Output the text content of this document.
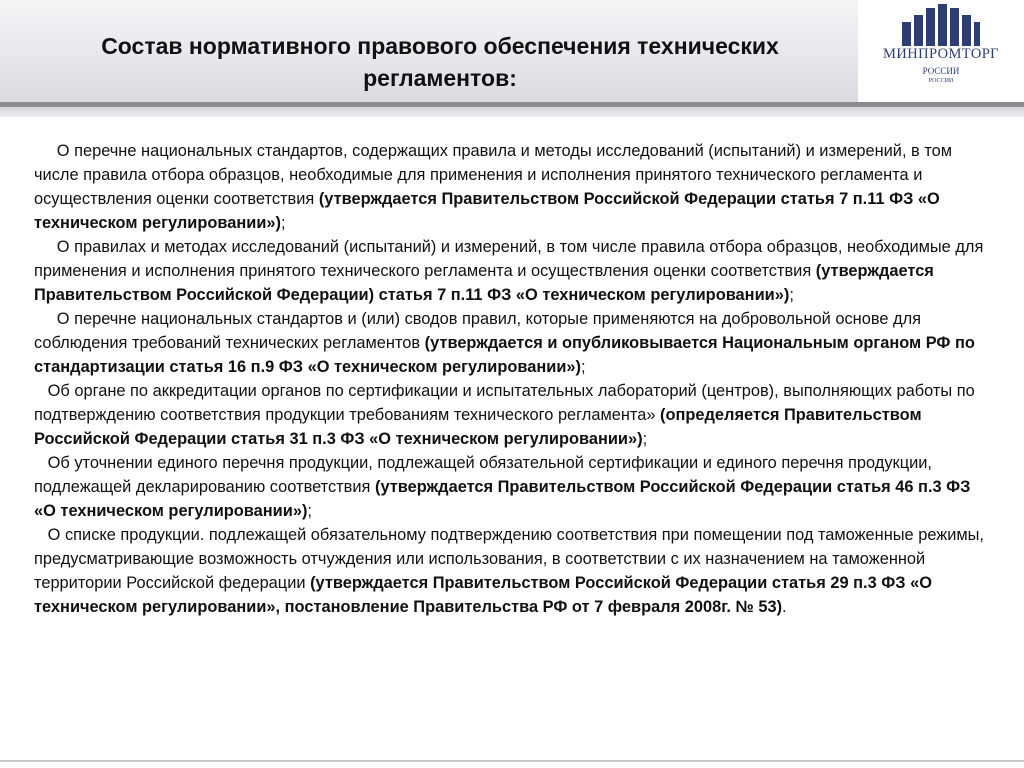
Состав нормативного правового обеспечения технических регламентов:
МИНПРОМТОРГ
РОССИИ
РОССИИ

О перечне национальных стандартов, содержащих правила и методы исследований (испытаний) и измерений, в том числе правила отбора образцов, необходимые для применения и исполнения принятого технического регламента и осуществления оценки соответствия (утверждается Правительством Российской Федерации статья 7 п.11 ФЗ «О техническом регулировании»);

О правилах и методах исследований (испытаний) и измерений, в том числе правила отбора образцов, необходимые для применения и исполнения принятого технического регламента и осуществления оценки соответствия (утверждается Правительством Российской Федерации) статья 7 п.11 ФЗ «О техническом регулировании»);

О перечне национальных стандартов и (или) сводов правил, которые применяются на добровольной основе для соблюдения требований технических регламентов (утверждается и опубликовывается Национальным органом РФ по стандартизации статья 16 п.9 ФЗ «О техническом регулировании»);

Об органе по аккредитации органов по сертификации и испытательных лабораторий (центров), выполняющих работы по подтверждению соответствия продукции требованиям технического регламента» (определяется Правительством Российской Федерации статья 31 п.3 ФЗ «О техническом регулировании»);

Об уточнении единого перечня продукции, подлежащей обязательной сертификации и единого перечня продукции, подлежащей декларированию соответствия (утверждается Правительством Российской Федерации статья 46 п.3 ФЗ «О техническом регулировании»);

О списке продукции. подлежащей обязательному подтверждению соответствия при помещении под таможенные режимы, предусматривающие возможность отчуждения или использования, в соответствии с их назначением на таможенной территории Российской федерации (утверждается Правительством Российской Федерации статья 29 п.3 ФЗ «О техническом регулировании», постановление Правительства РФ от 7 февраля 2008г. № 53).
